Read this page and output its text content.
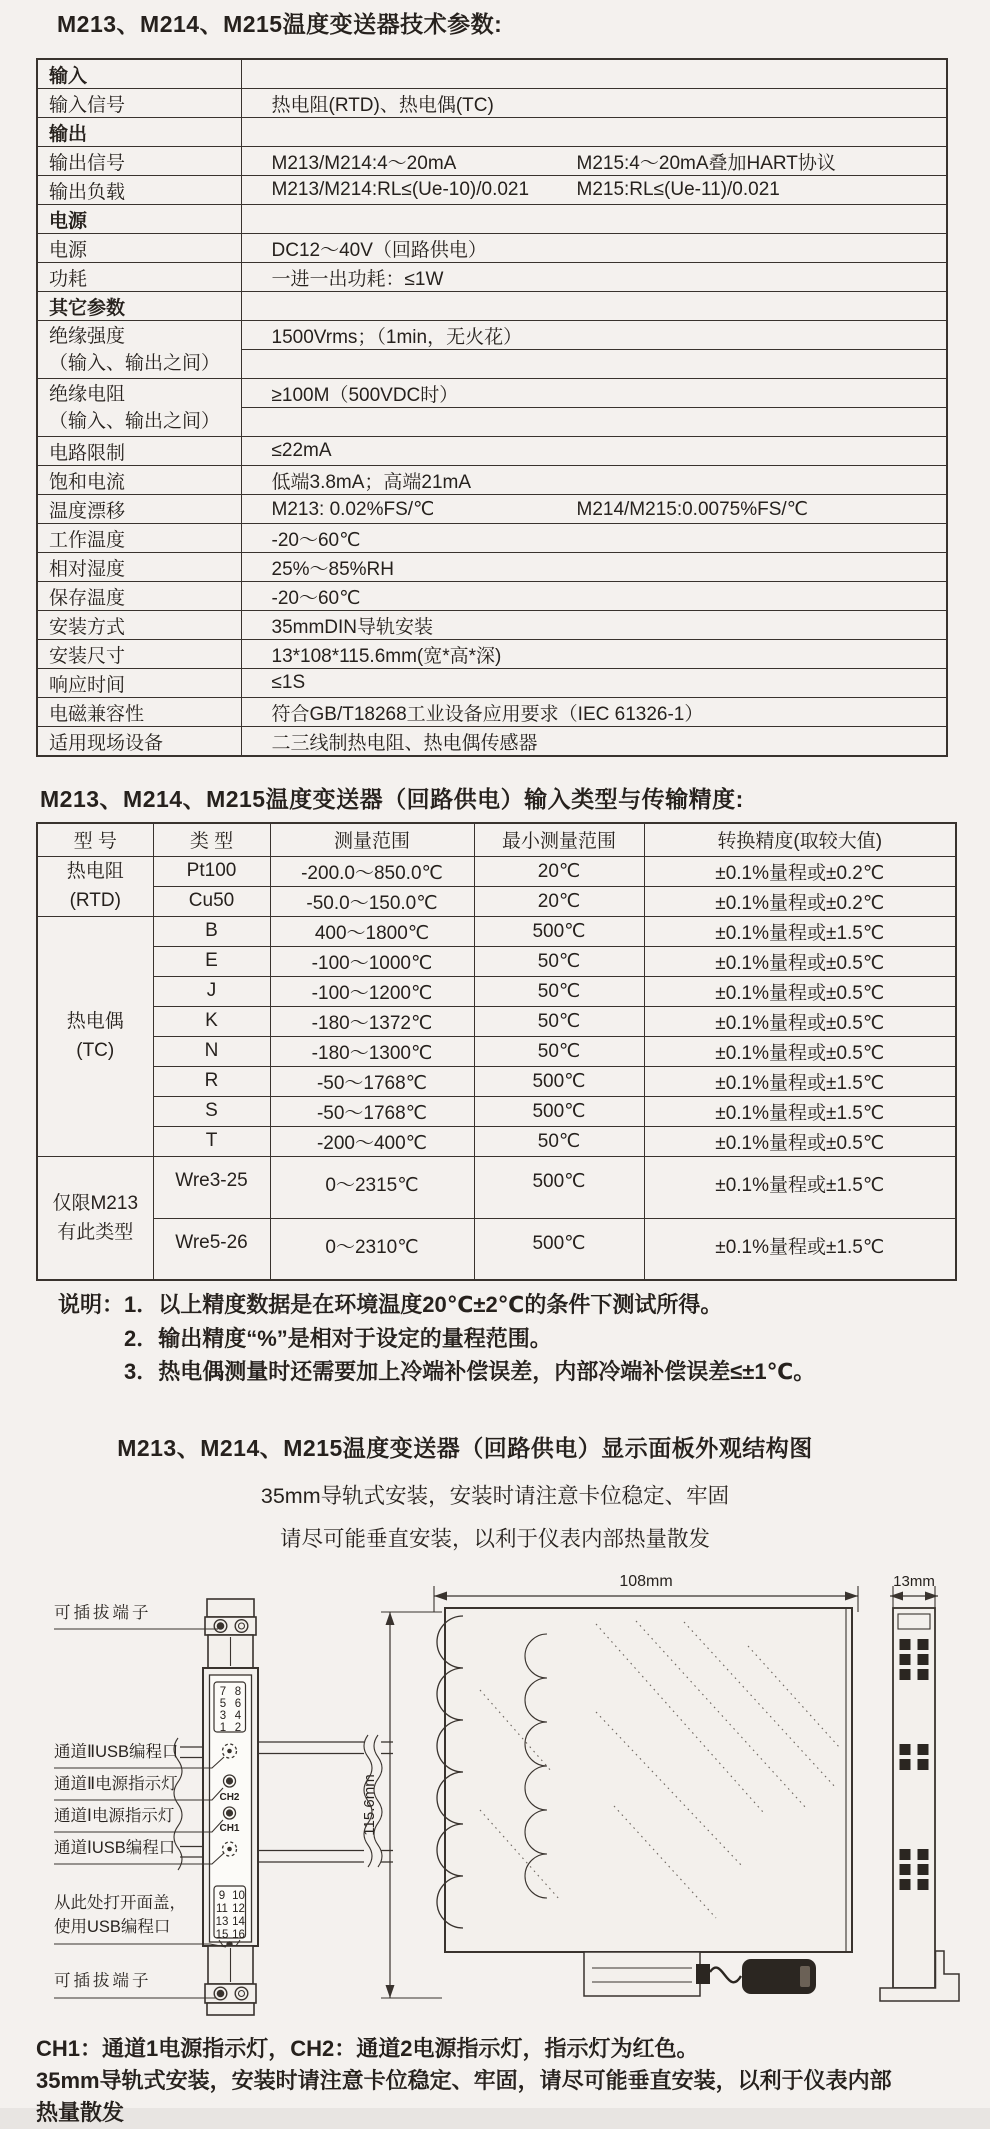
M213、M214、M215温度变送器技术参数:
输入	
输入信号	热电阻(RTD)、热电偶(TC)
输出	
输出信号	M213/M214:4～20mA M215:4～20mA叠加HART协议
输出负载	M213/M214:RL≤(Ue-10)/0.021 M215:RL≤(Ue-11)/0.021
电源	
电源	DC12～40V（回路供电）
功耗	一进一出功耗：≤1W
其它参数	

绝缘强度
（输入、输出之间）	1500Vrms；（1min，无火花）

绝缘电阻
（输入、输出之间）	≥100M（500VDC时）

电路限制	≤22mA
饱和电流	低端3.8mA；高端21mA
温度漂移	M213: 0.02%FS/℃ M214/M215:0.0075%FS/℃
工作温度	-20～60℃
相对湿度	25%～85%RH
保存温度	-20～60℃
安装方式	35mmDIN导轨安装
安装尺寸	13*108*115.6mm(宽*高*深)
响应时间	≤1S
电磁兼容性	符合GB/T18268工业设备应用要求（IEC 61326-1）
适用现场设备	二三线制热电阻、热电偶传感器
M213、M214、M215温度变送器（回路供电）输入类型与传输精度:
型 号	类 型	测量范围	最小测量范围	转换精度(取较大值)

热电阻
(RTD)	Pt100	-200.0～850.0℃	20℃	±0.1%量程或±0.2℃
	Cu50	-50.0～150.0℃	20℃	±0.1%量程或±0.2℃

热电偶
(TC)	B	400～1800℃	500℃	±0.1%量程或±1.5℃
	E	-100～1000℃	50℃	±0.1%量程或±0.5℃
	J	-100～1200℃	50℃	±0.1%量程或±0.5℃
	K	-180～1372℃	50℃	±0.1%量程或±0.5℃
	N	-180～1300℃	50℃	±0.1%量程或±0.5℃
	R	-50～1768℃	500℃	±0.1%量程或±1.5℃
	S	-50～1768℃	500℃	±0.1%量程或±1.5℃
	T	-200～400℃	50℃	±0.1%量程或±0.5℃

仅限M213
有此类型	Wre3-25	0～2315℃	500℃	±0.1%量程或±1.5℃
	Wre5-26	0～2310℃	500℃	±0.1%量程或±1.5℃
说明：1．以上精度数据是在环境温度20℃±2℃的条件下测试所得。
2．输出精度“%”是相对于设定的量程范围。
3．热电偶测量时还需要加上冷端补偿误差，内部冷端补偿误差≤±1℃。
M213、M214、M215温度变送器（回路供电）显示面板外观结构图
35mm导轨式安装，安装时请注意卡位稳定、牢固
请尽可能垂直安装，以利于仪表内部热量散发
108mm
115.6mm
13mm
7 8
5 6
3 4
1 2
CH2
CH1
9 10
11 12
13 14
15 16
可插拔端子
通道ⅡUSB编程口
通道Ⅱ电源指示灯
通道Ⅰ电源指示灯
通道ⅠUSB编程口
从此处打开面盖，
使用USB编程口
可插拔端子
CH1：通道1电源指示灯，CH2：通道2电源指示灯，指示灯为红色。
35mm导轨式安装，安装时请注意卡位稳定、牢固，请尽可能垂直安装，以利于仪表内部
热量散发
